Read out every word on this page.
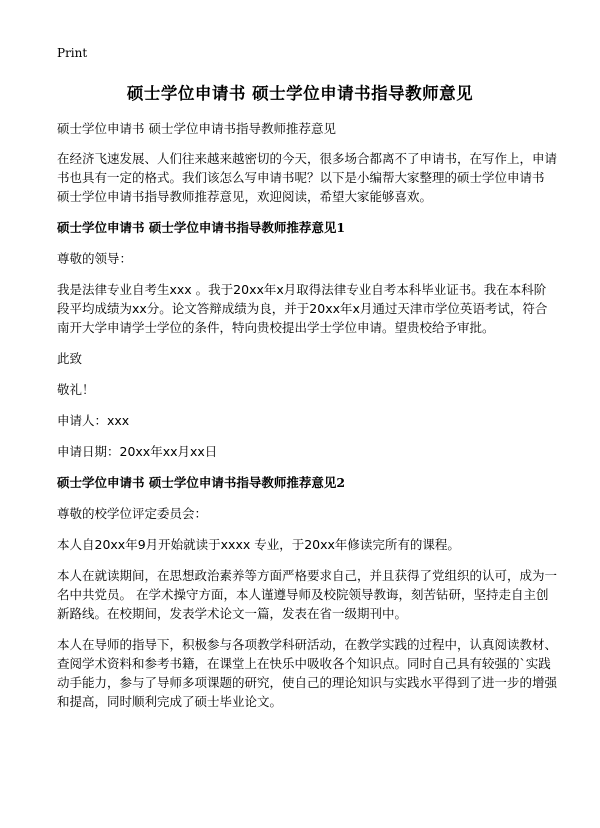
Print
硕士学位申请书 硕士学位申请书指导教师意见

硕士学位申请书 硕士学位申请书指导教师推荐意见

在经济飞速发展、人们往来越来越密切的今天，很多场合都离不了申请书，在写作上，申请书也具有一定的格式。我们该怎么写申请书呢？以下是小编帮大家整理的硕士学位申请书 硕士学位申请书指导教师推荐意见，欢迎阅读，希望大家能够喜欢。

硕士学位申请书 硕士学位申请书指导教师推荐意见1

尊敬的领导：

我是法律专业自考生xxx 。我于20xx年x月取得法律专业自考本科毕业证书。我在本科阶段平均成绩为xx分。论文答辩成绩为良，并于20xx年x月通过天津市学位英语考试，符合南开大学申请学士学位的条件，特向贵校提出学士学位申请。望贵校给予审批。

此致

敬礼！

申请人：xxx

申请日期：20xx年xx月xx日

硕士学位申请书 硕士学位申请书指导教师推荐意见2

尊敬的校学位评定委员会：

本人自20xx年9月开始就读于xxxx 专业，于20xx年修读完所有的课程。

本人在就读期间，在思想政治素养等方面严格要求自己，并且获得了党组织的认可，成为一名中共党员。 在学术操守方面，本人谨遵导师及校院领导教诲，刻苦钻研，坚持走自主创新路线。在校期间，发表学术论文一篇，发表在省一级期刊中。

本人在导师的指导下，积极参与各项教学科研活动，在教学实践的过程中，认真阅读教材、查阅学术资料和参考书籍，在课堂上在快乐中吸收各个知识点。同时自己具有较强的`实践动手能力，参与了导师多项课题的研究，使自己的理论知识与实践水平得到了进一步的增强和提高，同时顺利完成了硕士毕业论文。
